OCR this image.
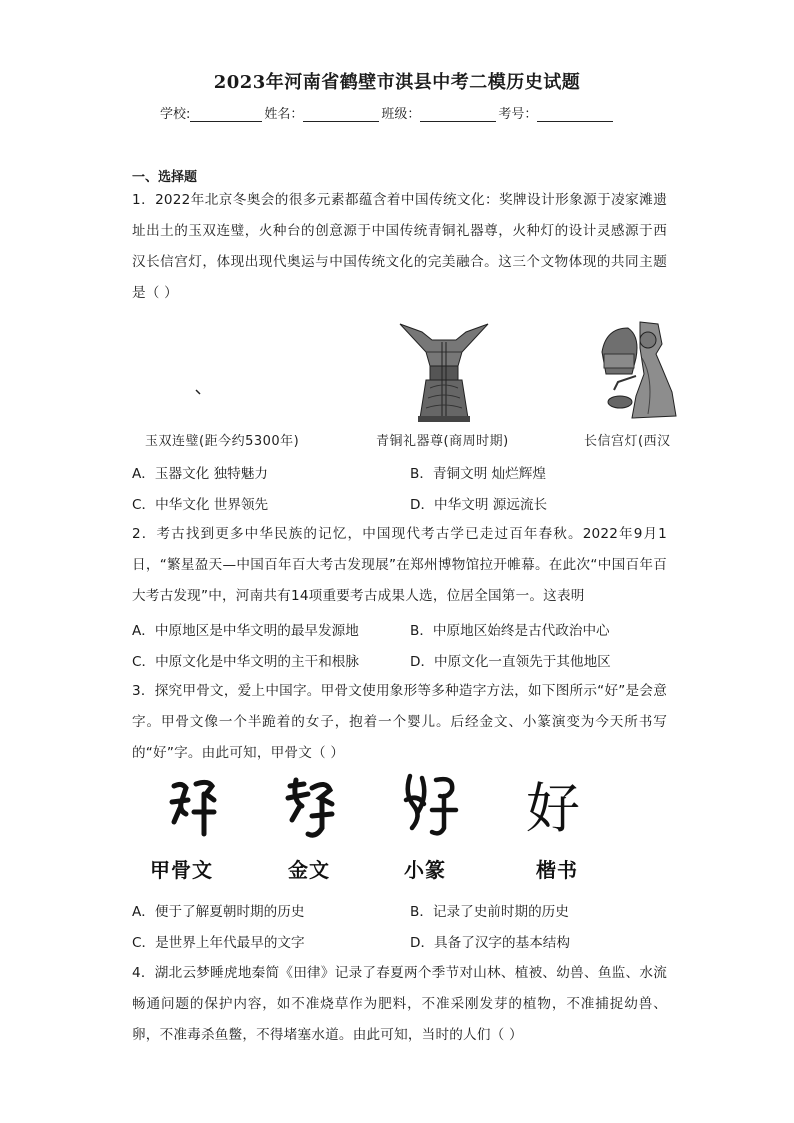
2023年河南省鹤壁市淇县中考二模历史试题
学校:	姓名：	班级：	考号：
一、选择题
1．2022年北京冬奥会的很多元素都蕴含着中国传统文化：奖牌设计形象源于凌家滩遗址出土的玉双连璧，火种台的创意源于中国传统青铜礼器尊，火种灯的设计灵感源于西汉长信宫灯，体现出现代奥运与中国传统文化的完美融合。这三个文物体现的共同主题是（ ）
玉双连璧(距今约5300年)	青铜礼器尊(商周时期)	长信宫灯(西汉
A．玉器文化 独特魅力	B．青铜文明 灿烂辉煌
C．中华文化 世界领先	D．中华文明 源远流长
2．考古找到更多中华民族的记忆，中国现代考古学已走过百年春秋。2022年9月1日，“繁星盈天—中国百年百大考古发现展”在郑州博物馆拉开帷幕。在此次“中国百年百大考古发现”中，河南共有14项重要考古成果人选，位居全国第一。这表明
A．中原地区是中华文明的最早发源地	B．中原地区始终是古代政治中心
C．中原文化是中华文明的主干和根脉	D．中原文化一直领先于其他地区
3．探究甲骨文，爱上中国字。甲骨文使用象形等多种造字方法，如下图所示“好”是会意字。甲骨文像一个半跪着的女子，抱着一个婴儿。后经金文、小篆演变为今天所书写的“好”字。由此可知，甲骨文（ ）
好
甲骨文	金文	小篆	楷书
A．便于了解夏朝时期的历史	B．记录了史前时期的历史
C．是世界上年代最早的文字	D．具备了汉字的基本结构
4．湖北云梦睡虎地秦简《田律》记录了春夏两个季节对山林、植被、幼兽、鱼监、水流畅通问题的保护内容，如不准烧草作为肥料，不准采刚发芽的植物，不准捕捉幼兽、卵，不准毒杀鱼鳖，不得堵塞水道。由此可知，当时的人们（ ）
